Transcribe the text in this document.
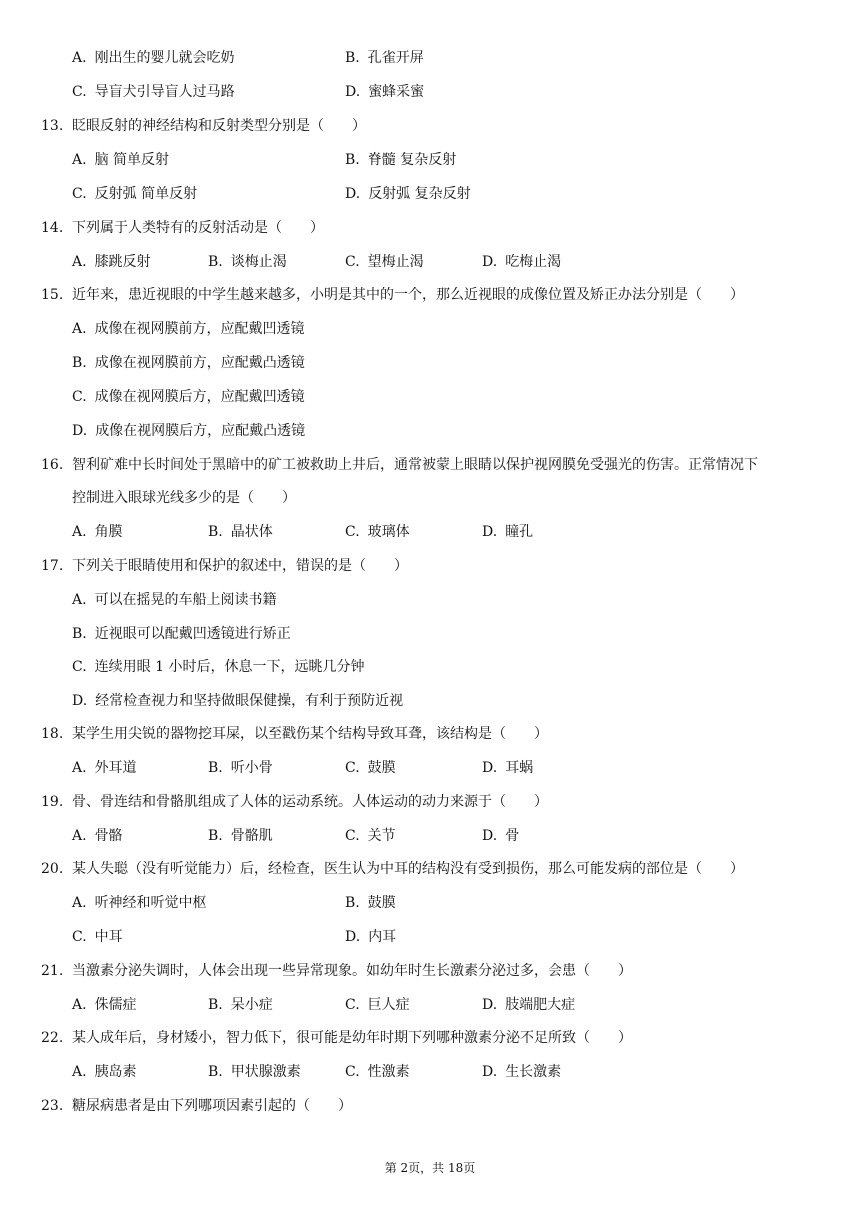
A. 刚出生的婴儿就会吃奶	B. 孔雀开屏
C. 导盲犬引导盲人过马路	D. 蜜蜂采蜜
13. 眨眼反射的神经结构和反射类型分别是（　　）
A. 脑 简单反射	B. 脊髓 复杂反射
C. 反射弧 简单反射	D. 反射弧 复杂反射
14. 下列属于人类特有的反射活动是（　　）
A. 膝跳反射	B. 谈梅止渴	C. 望梅止渴	D. 吃梅止渴
15. 近年来，患近视眼的中学生越来越多，小明是其中的一个，那么近视眼的成像位置及矫正办法分别是（　　）
A. 成像在视网膜前方，应配戴凹透镜
B. 成像在视网膜前方，应配戴凸透镜
C. 成像在视网膜后方，应配戴凹透镜
D. 成像在视网膜后方，应配戴凸透镜
16. 智利矿难中长时间处于黑暗中的矿工被救助上井后，通常被蒙上眼睛以保护视网膜免受强光的伤害。正常情况下
控制进入眼球光线多少的是（　　）
A. 角膜	B. 晶状体	C. 玻璃体	D. 瞳孔
17. 下列关于眼睛使用和保护的叙述中，错误的是（　　）
A. 可以在摇晃的车船上阅读书籍
B. 近视眼可以配戴凹透镜进行矫正
C. 连续用眼 1 小时后，休息一下，远眺几分钟
D. 经常检查视力和坚持做眼保健操，有利于预防近视
18. 某学生用尖锐的器物挖耳屎，以至戳伤某个结构导致耳聋，该结构是（　　）
A. 外耳道	B. 听小骨	C. 鼓膜	D. 耳蜗
19. 骨、骨连结和骨骼肌组成了人体的运动系统。人体运动的动力来源于（　　）
A. 骨骼	B. 骨骼肌	C. 关节	D. 骨
20. 某人失聪（没有听觉能力）后，经检查，医生认为中耳的结构没有受到损伤，那么可能发病的部位是（　　）
A. 听神经和听觉中枢	B. 鼓膜
C. 中耳	D. 内耳
21. 当激素分泌失调时，人体会出现一些异常现象。如幼年时生长激素分泌过多，会患（　　）
A. 侏儒症	B. 呆小症	C. 巨人症	D. 肢端肥大症
22. 某人成年后，身材矮小，智力低下，很可能是幼年时期下列哪种激素分泌不足所致（　　）
A. 胰岛素	B. 甲状腺激素	C. 性激素	D. 生长激素
23. 糖尿病患者是由下列哪项因素引起的（　　）
第 2页，共 18页
